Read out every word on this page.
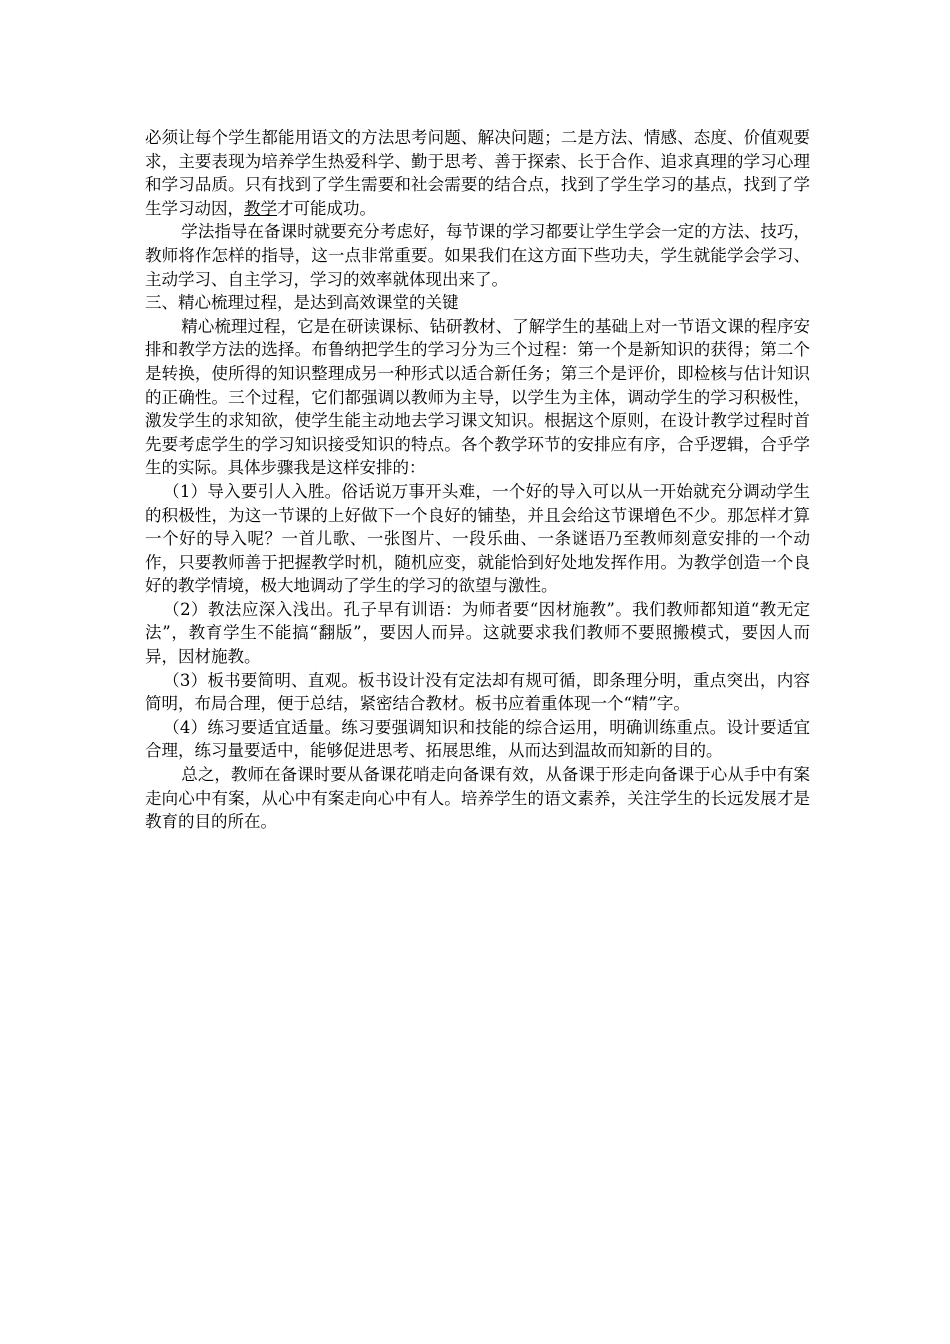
必须让每个学生都能用语文的方法思考问题、解决问题；二是方法、情感、态度、价值观要求，主要表现为培养学生热爱科学、勤于思考、善于探索、长于合作、追求真理的学习心理和学习品质。只有找到了学生需要和社会需要的结合点，找到了学生学习的基点，找到了学生学习动因，教学才可能成功。

学法指导在备课时就要充分考虑好，每节课的学习都要让学生学会一定的方法、技巧，教师将作怎样的指导，这一点非常重要。如果我们在这方面下些功夫，学生就能学会学习、主动学习、自主学习，学习的效率就体现出来了。

三、精心梳理过程，是达到高效课堂的关键

精心梳理过程，它是在研读课标、钻研教材、了解学生的基础上对一节语文课的程序安排和教学方法的选择。布鲁纳把学生的学习分为三个过程：第一个是新知识的获得；第二个是转换，使所得的知识整理成另一种形式以适合新任务；第三个是评价，即检核与估计知识的正确性。三个过程，它们都强调以教师为主导，以学生为主体，调动学生的学习积极性，激发学生的求知欲，使学生能主动地去学习课文知识。根据这个原则，在设计教学过程时首先要考虑学生的学习知识接受知识的特点。各个教学环节的安排应有序，合乎逻辑，合乎学生的实际。具体步骤我是这样安排的：

（1）导入要引人入胜。俗话说万事开头难，一个好的导入可以从一开始就充分调动学生的积极性，为这一节课的上好做下一个良好的铺垫，并且会给这节课增色不少。那怎样才算一个好的导入呢？一首儿歌、一张图片、一段乐曲、一条谜语乃至教师刻意安排的一个动作，只要教师善于把握教学时机，随机应变，就能恰到好处地发挥作用。为教学创造一个良好的教学情境，极大地调动了学生的学习的欲望与激性。

（2）教法应深入浅出。孔子早有训语：为师者要“因材施教”。我们教师都知道“教无定法”，教育学生不能搞“翻版”，要因人而异。这就要求我们教师不要照搬模式，要因人而异，因材施教。

（3）板书要简明、直观。板书设计没有定法却有规可循，即条理分明，重点突出，内容简明，布局合理，便于总结，紧密结合教材。板书应着重体现一个“精”字。

（4）练习要适宜适量。练习要强调知识和技能的综合运用，明确训练重点。设计要适宜合理，练习量要适中，能够促进思考、拓展思维，从而达到温故而知新的目的。

总之，教师在备课时要从备课花哨走向备课有效，从备课于形走向备课于心从手中有案走向心中有案，从心中有案走向心中有人。培养学生的语文素养，关注学生的长远发展才是教育的目的所在。
